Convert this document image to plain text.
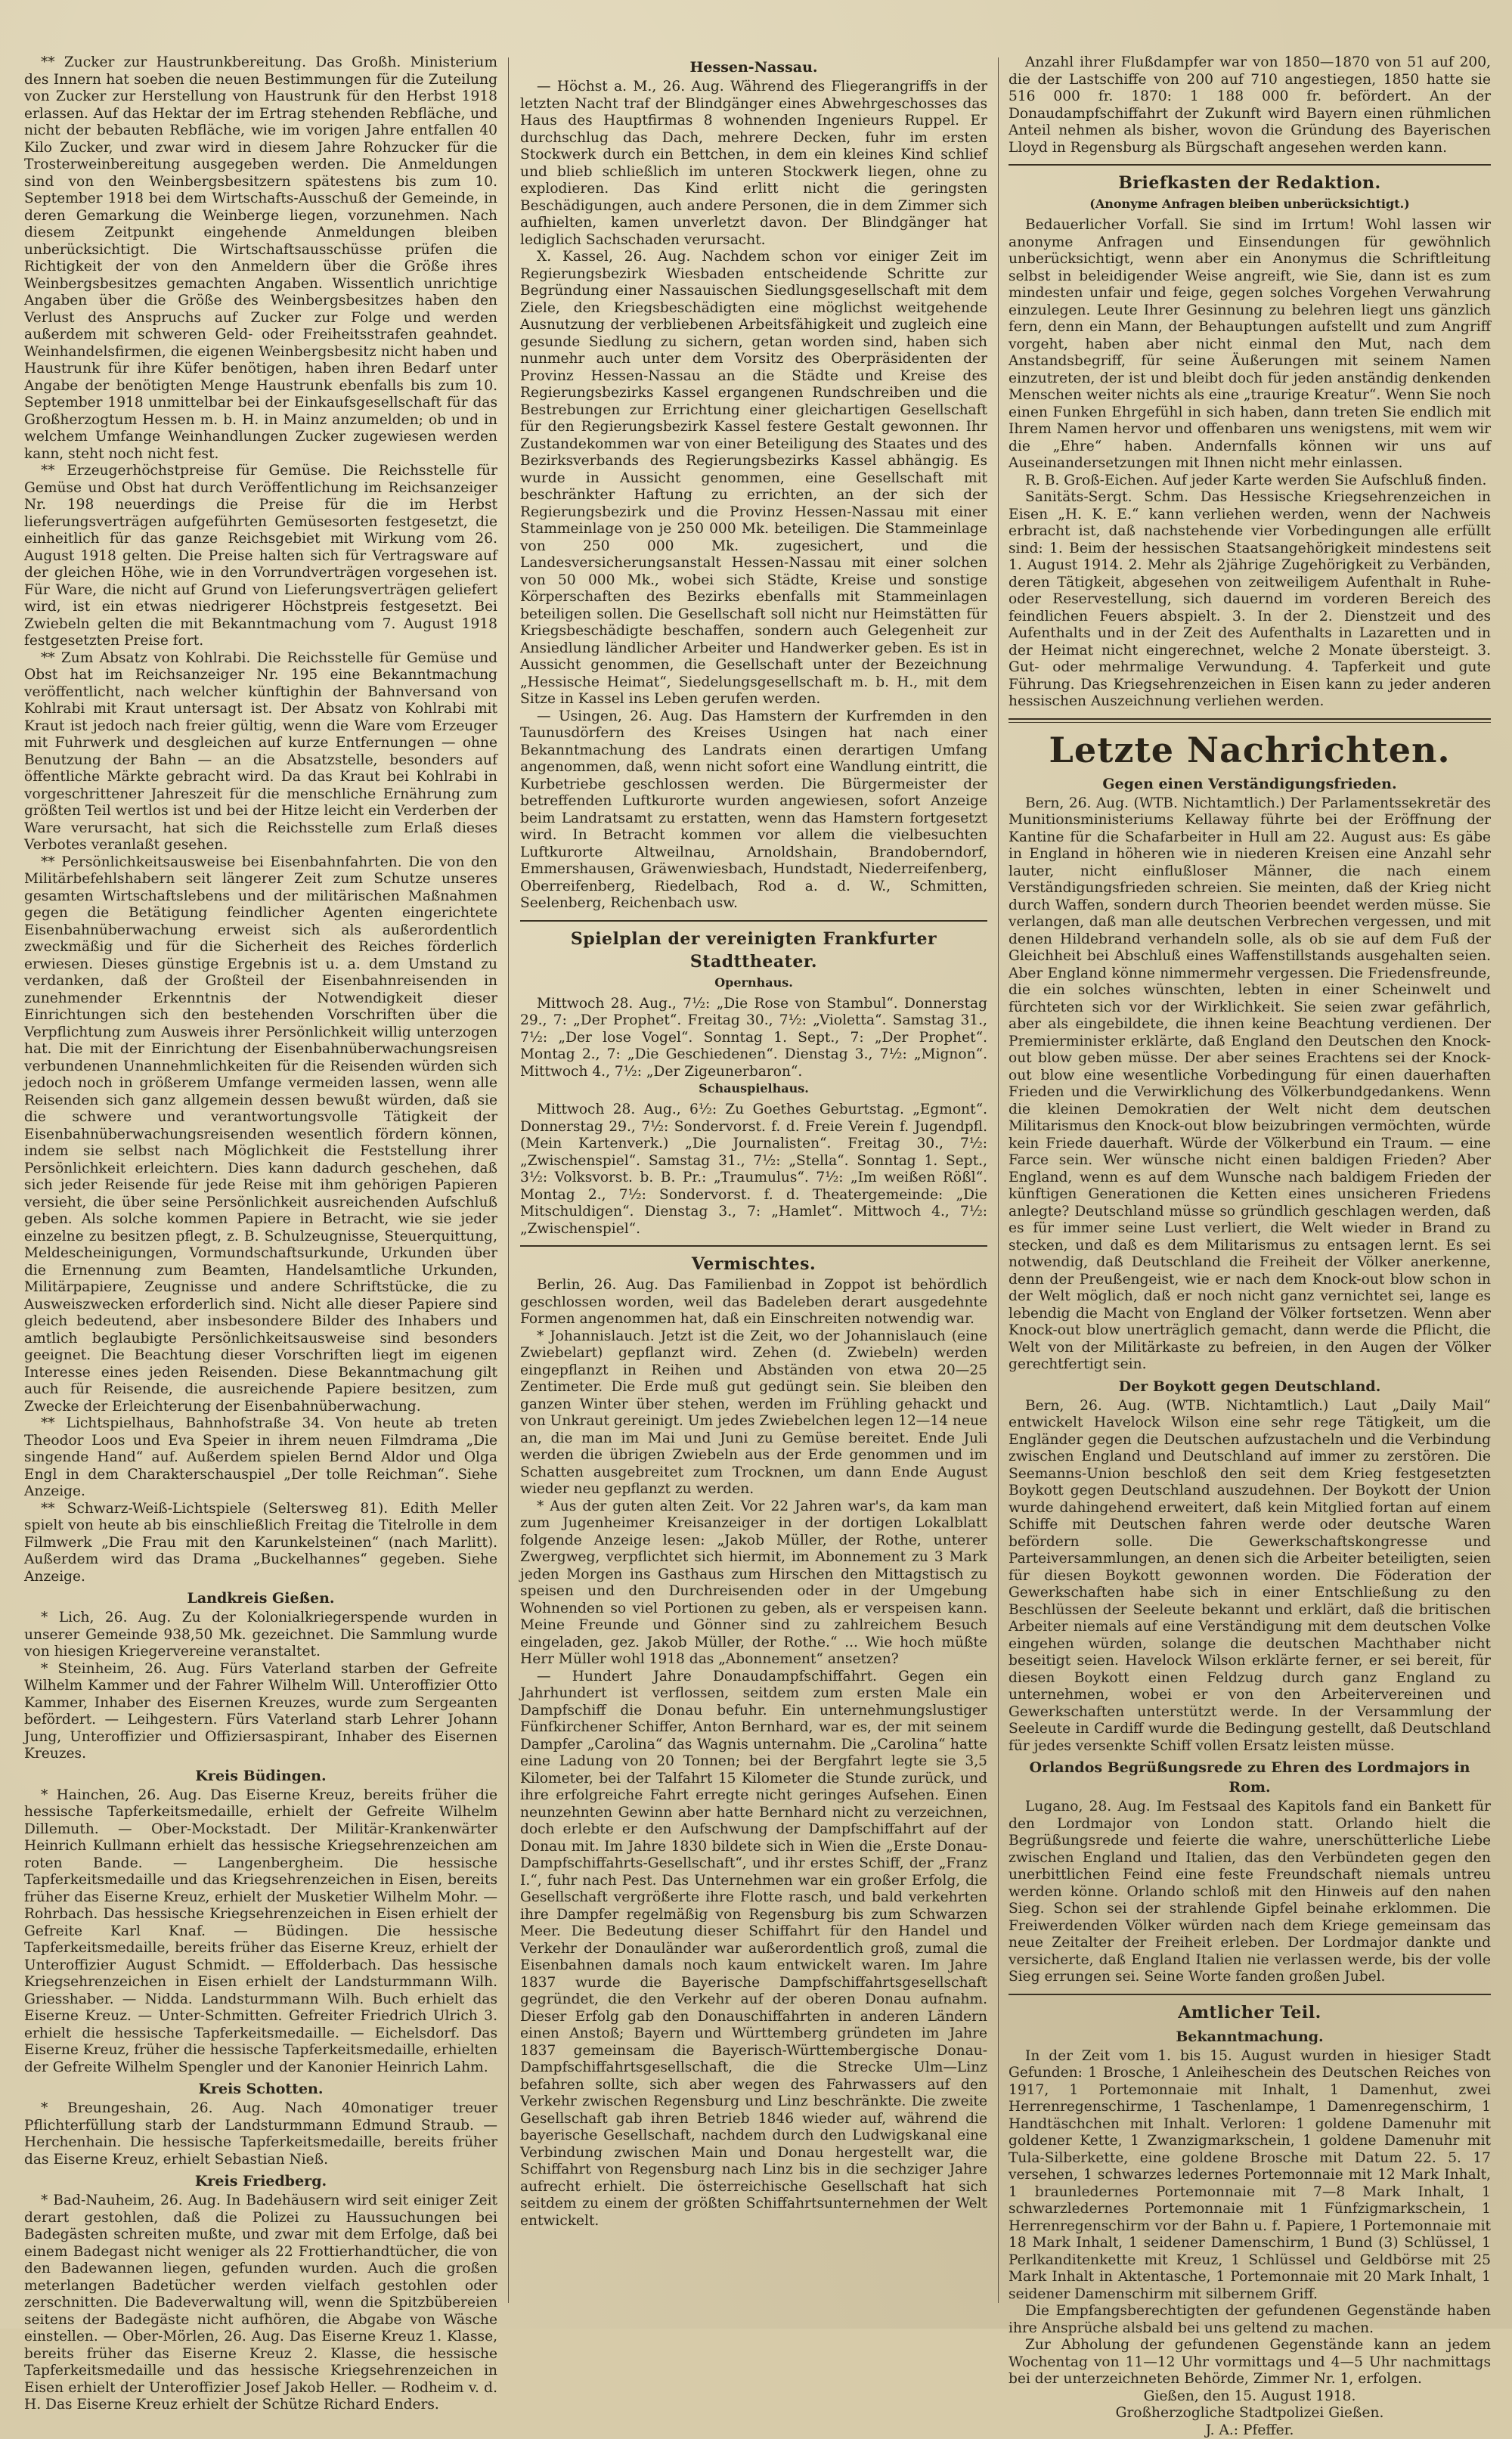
** Zucker zur Haustrunkbereitung. Das Großh. Ministerium des Innern hat soeben die neuen Bestimmungen für die Zuteilung von Zucker zur Herstellung von Haustrunk für den Herbst 1918 erlassen. Auf das Hektar der im Ertrag stehenden Rebfläche, und nicht der bebauten Rebfläche, wie im vorigen Jahre entfallen 40 Kilo Zucker, und zwar wird in diesem Jahre Rohzucker für die Trosterweinbereitung ausgegeben werden. Die Anmeldungen sind von den Weinbergsbesitzern spätestens bis zum 10. September 1918 bei dem Wirtschafts-Ausschuß der Gemeinde, in deren Gemarkung die Weinberge liegen, vorzunehmen. Nach diesem Zeitpunkt eingehende Anmeldungen bleiben unberücksichtigt. Die Wirtschaftsausschüsse prüfen die Richtigkeit der von den Anmeldern über die Größe ihres Weinbergsbesitzes gemachten Angaben. Wissentlich unrichtige Angaben über die Größe des Weinbergsbesitzes haben den Verlust des Anspruchs auf Zucker zur Folge und werden außerdem mit schweren Geld- oder Freiheitsstrafen geahndet. Weinhandelsfirmen, die eigenen Weinbergsbesitz nicht haben und Haustrunk für ihre Küfer benötigen, haben ihren Bedarf unter Angabe der benötigten Menge Haustrunk ebenfalls bis zum 10. September 1918 unmittelbar bei der Einkaufsgesellschaft für das Großherzogtum Hessen m. b. H. in Mainz anzumelden; ob und in welchem Umfange Weinhandlungen Zucker zugewiesen werden kann, steht noch nicht fest.

** Erzeugerhöchstpreise für Gemüse. Die Reichsstelle für Gemüse und Obst hat durch Veröffentlichung im Reichsanzeiger Nr. 198 neuerdings die Preise für die im Herbst lieferungsverträgen aufgeführten Gemüsesorten festgesetzt, die einheitlich für das ganze Reichsgebiet mit Wirkung vom 26. August 1918 gelten. Die Preise halten sich für Vertragsware auf der gleichen Höhe, wie in den Vorrundverträgen vorgesehen ist. Für Ware, die nicht auf Grund von Lieferungsverträgen geliefert wird, ist ein etwas niedrigerer Höchstpreis festgesetzt. Bei Zwiebeln gelten die mit Bekanntmachung vom 7. August 1918 festgesetzten Preise fort.

** Zum Absatz von Kohlrabi. Die Reichsstelle für Gemüse und Obst hat im Reichsanzeiger Nr. 195 eine Bekanntmachung veröffentlicht, nach welcher künftighin der Bahnversand von Kohlrabi mit Kraut untersagt ist. Der Absatz von Kohlrabi mit Kraut ist jedoch nach freier gültig, wenn die Ware vom Erzeuger mit Fuhrwerk und desgleichen auf kurze Entfernungen — ohne Benutzung der Bahn — an die Absatzstelle, besonders auf öffentliche Märkte gebracht wird. Da das Kraut bei Kohlrabi in vorgeschrittener Jahreszeit für die menschliche Ernährung zum größten Teil wertlos ist und bei der Hitze leicht ein Verderben der Ware verursacht, hat sich die Reichsstelle zum Erlaß dieses Verbotes veranlaßt gesehen.

** Persönlichkeitsausweise bei Eisenbahnfahrten. Die von den Militärbefehlshabern seit längerer Zeit zum Schutze unseres gesamten Wirtschaftslebens und der militärischen Maßnahmen gegen die Betätigung feindlicher Agenten eingerichtete Eisenbahnüberwachung erweist sich als außerordentlich zweckmäßig und für die Sicherheit des Reiches förderlich erwiesen. Dieses günstige Ergebnis ist u. a. dem Umstand zu verdanken, daß der Großteil der Eisenbahnreisenden in zunehmender Erkenntnis der Notwendigkeit dieser Einrichtungen sich den bestehenden Vorschriften über die Verpflichtung zum Ausweis ihrer Persönlichkeit willig unterzogen hat. Die mit der Einrichtung der Eisenbahnüberwachungsreisen verbundenen Unannehmlichkeiten für die Reisenden würden sich jedoch noch in größerem Umfange vermeiden lassen, wenn alle Reisenden sich ganz allgemein dessen bewußt würden, daß sie die schwere und verantwortungsvolle Tätigkeit der Eisenbahnüberwachungsreisenden wesentlich fördern können, indem sie selbst nach Möglichkeit die Feststellung ihrer Persönlichkeit erleichtern. Dies kann dadurch geschehen, daß sich jeder Reisende für jede Reise mit ihm gehörigen Papieren versieht, die über seine Persönlichkeit ausreichenden Aufschluß geben. Als solche kommen Papiere in Betracht, wie sie jeder einzelne zu besitzen pflegt, z. B. Schulzeugnisse, Steuerquittung, Meldescheinigungen, Vormundschaftsurkunde, Urkunden über die Ernennung zum Beamten, Handelsamtliche Urkunden, Militärpapiere, Zeugnisse und andere Schriftstücke, die zu Ausweiszwecken erforderlich sind. Nicht alle dieser Papiere sind gleich bedeutend, aber insbesondere Bilder des Inhabers und amtlich beglaubigte Persönlichkeitsausweise sind besonders geeignet. Die Beachtung dieser Vorschriften liegt im eigenen Interesse eines jeden Reisenden. Diese Bekanntmachung gilt auch für Reisende, die ausreichende Papiere besitzen, zum Zwecke der Erleichterung der Eisenbahnüberwachung.

** Lichtspielhaus, Bahnhofstraße 34. Von heute ab treten Theodor Loos und Eva Speier in ihrem neuen Filmdrama „Die singende Hand“ auf. Außerdem spielen Bernd Aldor und Olga Engl in dem Charakterschauspiel „Der tolle Reichman“. Siehe Anzeige.

** Schwarz-Weiß-Lichtspiele (Seltersweg 81). Edith Meller spielt von heute ab bis einschließlich Freitag die Titelrolle in dem Filmwerk „Die Frau mit den Karunkelsteinen“ (nach Marlitt). Außerdem wird das Drama „Buckelhannes“ gegeben. Siehe Anzeige.

Landkreis Gießen.

* Lich, 26. Aug. Zu der Kolonialkriegerspende wurden in unserer Gemeinde 938,50 Mk. gezeichnet. Die Sammlung wurde von hiesigen Kriegervereine veranstaltet.

* Steinheim, 26. Aug. Fürs Vaterland starben der Gefreite Wilhelm Kammer und der Fahrer Wilhelm Will. Unteroffizier Otto Kammer, Inhaber des Eisernen Kreuzes, wurde zum Sergeanten befördert. — Leihgestern. Fürs Vaterland starb Lehrer Johann Jung, Unteroffizier und Offiziersaspirant, Inhaber des Eisernen Kreuzes.

Kreis Büdingen.

* Hainchen, 26. Aug. Das Eiserne Kreuz, bereits früher die hessische Tapferkeitsmedaille, erhielt der Gefreite Wilhelm Dillemuth. — Ober-Mockstadt. Der Militär-Krankenwärter Heinrich Kullmann erhielt das hessische Kriegsehrenzeichen am roten Bande. — Langenbergheim. Die hessische Tapferkeitsmedaille und das Kriegsehrenzeichen in Eisen, bereits früher das Eiserne Kreuz, erhielt der Musketier Wilhelm Mohr. — Rohrbach. Das hessische Kriegsehrenzeichen in Eisen erhielt der Gefreite Karl Knaf. — Büdingen. Die hessische Tapferkeitsmedaille, bereits früher das Eiserne Kreuz, erhielt der Unteroffizier August Schmidt. — Effolderbach. Das hessische Kriegsehrenzeichen in Eisen erhielt der Landsturmmann Wilh. Griesshaber. — Nidda. Landsturmmann Wilh. Buch erhielt das Eiserne Kreuz. — Unter-Schmitten. Gefreiter Friedrich Ulrich 3. erhielt die hessische Tapferkeitsmedaille. — Eichelsdorf. Das Eiserne Kreuz, früher die hessische Tapferkeitsmedaille, erhielten der Gefreite Wilhelm Spengler und der Kanonier Heinrich Lahm.

Kreis Schotten.

* Breungeshain, 26. Aug. Nach 40monatiger treuer Pflichterfüllung starb der Landsturmmann Edmund Straub. — Herchenhain. Die hessische Tapferkeitsmedaille, bereits früher das Eiserne Kreuz, erhielt Sebastian Nieß.

Kreis Friedberg.

* Bad-Nauheim, 26. Aug. In Badehäusern wird seit einiger Zeit derart gestohlen, daß die Polizei zu Haussuchungen bei Badegästen schreiten mußte, und zwar mit dem Erfolge, daß bei einem Badegast nicht weniger als 22 Frottierhandtücher, die von den Badewannen liegen, gefunden wurden. Auch die großen meterlangen Badetücher werden vielfach gestohlen oder zerschnitten. Die Badeverwaltung will, wenn die Spitzbübereien seitens der Badegäste nicht aufhören, die Abgabe von Wäsche einstellen. — Ober-Mörlen, 26. Aug. Das Eiserne Kreuz 1. Klasse, bereits früher das Eiserne Kreuz 2. Klasse, die hessische Tapferkeitsmedaille und das hessische Kriegsehrenzeichen in Eisen erhielt der Unteroffizier Josef Jakob Heller. — Rodheim v. d. H. Das Eiserne Kreuz erhielt der Schütze Richard Enders.

Hessen-Nassau.

— Höchst a. M., 26. Aug. Während des Fliegerangriffs in der letzten Nacht traf der Blindgänger eines Abwehrgeschosses das Haus des Hauptfirmas 8 wohnenden Ingenieurs Ruppel. Er durchschlug das Dach, mehrere Decken, fuhr im ersten Stockwerk durch ein Bettchen, in dem ein kleines Kind schlief und blieb schließlich im unteren Stockwerk liegen, ohne zu explodieren. Das Kind erlitt nicht die geringsten Beschädigungen, auch andere Personen, die in dem Zimmer sich aufhielten, kamen unverletzt davon. Der Blindgänger hat lediglich Sachschaden verursacht.

X. Kassel, 26. Aug. Nachdem schon vor einiger Zeit im Regierungsbezirk Wiesbaden entscheidende Schritte zur Begründung einer Nassauischen Siedlungsgesellschaft mit dem Ziele, den Kriegsbeschädigten eine möglichst weitgehende Ausnutzung der verbliebenen Arbeitsfähigkeit und zugleich eine gesunde Siedlung zu sichern, getan worden sind, haben sich nunmehr auch unter dem Vorsitz des Oberpräsidenten der Provinz Hessen-Nassau an die Städte und Kreise des Regierungsbezirks Kassel ergangenen Rundschreiben und die Bestrebungen zur Errichtung einer gleichartigen Gesellschaft für den Regierungsbezirk Kassel festere Gestalt gewonnen. Ihr Zustandekommen war von einer Beteiligung des Staates und des Bezirksverbands des Regierungsbezirks Kassel abhängig. Es wurde in Aussicht genommen, eine Gesellschaft mit beschränkter Haftung zu errichten, an der sich der Regierungsbezirk und die Provinz Hessen-Nassau mit einer Stammeinlage von je 250 000 Mk. beteiligen. Die Stammeinlage von 250 000 Mk. zugesichert, und die Landesversicherungsanstalt Hessen-Nassau mit einer solchen von 50 000 Mk., wobei sich Städte, Kreise und sonstige Körperschaften des Bezirks ebenfalls mit Stammeinlagen beteiligen sollen. Die Gesellschaft soll nicht nur Heimstätten für Kriegsbeschädigte beschaffen, sondern auch Gelegenheit zur Ansiedlung ländlicher Arbeiter und Handwerker geben. Es ist in Aussicht genommen, die Gesellschaft unter der Bezeichnung „Hessische Heimat“, Siedelungsgesellschaft m. b. H., mit dem Sitze in Kassel ins Leben gerufen werden.

— Usingen, 26. Aug. Das Hamstern der Kurfremden in den Taunusdörfern des Kreises Usingen hat nach einer Bekanntmachung des Landrats einen derartigen Umfang angenommen, daß, wenn nicht sofort eine Wandlung eintritt, die Kurbetriebe geschlossen werden. Die Bürgermeister der betreffenden Luftkurorte wurden angewiesen, sofort Anzeige beim Landratsamt zu erstatten, wenn das Hamstern fortgesetzt wird. In Betracht kommen vor allem die vielbesuchten Luftkurorte Altweilnau, Arnoldshain, Brandoberndorf, Emmershausen, Gräwenwiesbach, Hundstadt, Niederreifenberg, Oberreifenberg, Riedelbach, Rod a. d. W., Schmitten, Seelenberg, Reichenbach usw.

Spielplan der vereinigten Frankfurter Stadttheater.
Opernhaus.

Mittwoch 28. Aug., 7½: „Die Rose von Stambul“. Donnerstag 29., 7: „Der Prophet“. Freitag 30., 7½: „Violetta“. Samstag 31., 7½: „Der lose Vogel“. Sonntag 1. Sept., 7: „Der Prophet“. Montag 2., 7: „Die Geschiedenen“. Dienstag 3., 7½: „Mignon“. Mittwoch 4., 7½: „Der Zigeunerbaron“.

Schauspielhaus.

Mittwoch 28. Aug., 6½: Zu Goethes Geburtstag. „Egmont“. Donnerstag 29., 7½: Sondervorst. f. d. Freie Verein f. Jugendpfl. (Mein Kartenverk.) „Die Journalisten“. Freitag 30., 7½: „Zwischenspiel“. Samstag 31., 7½: „Stella“. Sonntag 1. Sept., 3½: Volksvorst. b. B. Pr.: „Traumulus“. 7½: „Im weißen Rößl“. Montag 2., 7½: Sondervorst. f. d. Theatergemeinde: „Die Mitschuldigen“. Dienstag 3., 7: „Hamlet“. Mittwoch 4., 7½: „Zwischenspiel“.

Vermischtes.

Berlin, 26. Aug. Das Familienbad in Zoppot ist behördlich geschlossen worden, weil das Badeleben derart ausgedehnte Formen angenommen hat, daß ein Einschreiten notwendig war.

* Johannislauch. Jetzt ist die Zeit, wo der Johannislauch (eine Zwiebelart) gepflanzt wird. Zehen (d. Zwiebeln) werden eingepflanzt in Reihen und Abständen von etwa 20—25 Zentimeter. Die Erde muß gut gedüngt sein. Sie bleiben den ganzen Winter über stehen, werden im Frühling gehackt und von Unkraut gereinigt. Um jedes Zwiebelchen legen 12—14 neue an, die man im Mai und Juni zu Gemüse bereitet. Ende Juli werden die übrigen Zwiebeln aus der Erde genommen und im Schatten ausgebreitet zum Trocknen, um dann Ende August wieder neu gepflanzt zu werden.

* Aus der guten alten Zeit. Vor 22 Jahren war's, da kam man zum Jugenheimer Kreisanzeiger in der dortigen Lokalblatt folgende Anzeige lesen: „Jakob Müller, der Rothe, unterer Zwergweg, verpflichtet sich hiermit, im Abonnement zu 3 Mark jeden Morgen ins Gasthaus zum Hirschen den Mittagstisch zu speisen und den Durchreisenden oder in der Umgebung Wohnenden so viel Portionen zu geben, als er verspeisen kann. Meine Freunde und Gönner sind zu zahlreichem Besuch eingeladen, gez. Jakob Müller, der Rothe.“ ... Wie hoch müßte Herr Müller wohl 1918 das „Abonnement“ ansetzen?

— Hundert Jahre Donaudampfschiffahrt. Gegen ein Jahrhundert ist verflossen, seitdem zum ersten Male ein Dampfschiff die Donau befuhr. Ein unternehmungslustiger Fünfkirchener Schiffer, Anton Bernhard, war es, der mit seinem Dampfer „Carolina“ das Wagnis unternahm. Die „Carolina“ hatte eine Ladung von 20 Tonnen; bei der Bergfahrt legte sie 3,5 Kilometer, bei der Talfahrt 15 Kilometer die Stunde zurück, und ihre erfolgreiche Fahrt erregte nicht geringes Aufsehen. Einen neunzehnten Gewinn aber hatte Bernhard nicht zu verzeichnen, doch erlebte er den Aufschwung der Dampfschiffahrt auf der Donau mit. Im Jahre 1830 bildete sich in Wien die „Erste Donau-Dampfschiffahrts-Gesellschaft“, und ihr erstes Schiff, der „Franz I.“, fuhr nach Pest. Das Unternehmen war ein großer Erfolg, die Gesellschaft vergrößerte ihre Flotte rasch, und bald verkehrten ihre Dampfer regelmäßig von Regensburg bis zum Schwarzen Meer. Die Bedeutung dieser Schiffahrt für den Handel und Verkehr der Donauländer war außerordentlich groß, zumal die Eisenbahnen damals noch kaum entwickelt waren. Im Jahre 1837 wurde die Bayerische Dampfschiffahrtsgesellschaft gegründet, die den Verkehr auf der oberen Donau aufnahm. Dieser Erfolg gab den Donauschiffahrten in anderen Ländern einen Anstoß; Bayern und Württemberg gründeten im Jahre 1837 gemeinsam die Bayerisch-Württembergische Donau-Dampfschiffahrtsgesellschaft, die die Strecke Ulm—Linz befahren sollte, sich aber wegen des Fahrwassers auf den Verkehr zwischen Regensburg und Linz beschränkte. Die zweite Gesellschaft gab ihren Betrieb 1846 wieder auf, während die bayerische Gesellschaft, nachdem durch den Ludwigskanal eine Verbindung zwischen Main und Donau hergestellt war, die Schiffahrt von Regensburg nach Linz bis in die sechziger Jahre aufrecht erhielt. Die österreichische Gesellschaft hat sich seitdem zu einem der größten Schiffahrtsunternehmen der Welt entwickelt.

Anzahl ihrer Flußdampfer war von 1850—1870 von 51 auf 200, die der Lastschiffe von 200 auf 710 angestiegen, 1850 hatte sie 516 000 fr. 1870: 1 188 000 fr. befördert. An der Donaudampfschiffahrt der Zukunft wird Bayern einen rühmlichen Anteil nehmen als bisher, wovon die Gründung des Bayerischen Lloyd in Regensburg als Bürgschaft angesehen werden kann.

Briefkasten der Redaktion.
(Anonyme Anfragen bleiben unberücksichtigt.)

Bedauerlicher Vorfall. Sie sind im Irrtum! Wohl lassen wir anonyme Anfragen und Einsendungen für gewöhnlich unberücksichtigt, wenn aber ein Anonymus die Schriftleitung selbst in beleidigender Weise angreift, wie Sie, dann ist es zum mindesten unfair und feige, gegen solches Vorgehen Verwahrung einzulegen. Leute Ihrer Gesinnung zu belehren liegt uns gänzlich fern, denn ein Mann, der Behauptungen aufstellt und zum Angriff vorgeht, haben aber nicht einmal den Mut, nach dem Anstandsbegriff, für seine Äußerungen mit seinem Namen einzutreten, der ist und bleibt doch für jeden anständig denkenden Menschen weiter nichts als eine „traurige Kreatur“. Wenn Sie noch einen Funken Ehrgefühl in sich haben, dann treten Sie endlich mit Ihrem Namen hervor und offenbaren uns wenigstens, mit wem wir die „Ehre“ haben. Andernfalls können wir uns auf Auseinandersetzungen mit Ihnen nicht mehr einlassen.

R. B. Groß-Eichen. Auf jeder Karte werden Sie Aufschluß finden.

Sanitäts-Sergt. Schm. Das Hessische Kriegsehrenzeichen in Eisen „H. K. E.“ kann verliehen werden, wenn der Nachweis erbracht ist, daß nachstehende vier Vorbedingungen alle erfüllt sind: 1. Beim der hessischen Staatsangehörigkeit mindestens seit 1. August 1914. 2. Mehr als 2jährige Zugehörigkeit zu Verbänden, deren Tätigkeit, abgesehen von zeitweiligem Aufenthalt in Ruhe- oder Reservestellung, sich dauernd im vorderen Bereich des feindlichen Feuers abspielt. 3. In der 2. Dienstzeit und des Aufenthalts und in der Zeit des Aufenthalts in Lazaretten und in der Heimat nicht eingerechnet, welche 2 Monate übersteigt. 3. Gut- oder mehrmalige Verwundung. 4. Tapferkeit und gute Führung. Das Kriegsehrenzeichen in Eisen kann zu jeder anderen hessischen Auszeichnung verliehen werden.

Letzte Nachrichten.
Gegen einen Verständigungsfrieden.

Bern, 26. Aug. (WTB. Nichtamtlich.) Der Parlamentssekretär des Munitionsministeriums Kellaway führte bei der Eröffnung der Kantine für die Schafarbeiter in Hull am 22. August aus: Es gäbe in England in höheren wie in niederen Kreisen eine Anzahl sehr lauter, nicht einflußloser Männer, die nach einem Verständigungsfrieden schreien. Sie meinten, daß der Krieg nicht durch Waffen, sondern durch Theorien beendet werden müsse. Sie verlangen, daß man alle deutschen Verbrechen vergessen, und mit denen Hildebrand verhandeln solle, als ob sie auf dem Fuß der Gleichheit bei Abschluß eines Waffenstillstands ausgehalten seien. Aber England könne nimmermehr vergessen. Die Friedensfreunde, die ein solches wünschten, lebten in einer Scheinwelt und fürchteten sich vor der Wirklichkeit. Sie seien zwar gefährlich, aber als eingebildete, die ihnen keine Beachtung verdienen. Der Premierminister erklärte, daß England den Deutschen den Knock-out blow geben müsse. Der aber seines Erachtens sei der Knock-out blow eine wesentliche Vorbedingung für einen dauerhaften Frieden und die Verwirklichung des Völkerbundgedankens. Wenn die kleinen Demokratien der Welt nicht dem deutschen Militarismus den Knock-out blow beizubringen vermöchten, würde kein Friede dauerhaft. Würde der Völkerbund ein Traum. — eine Farce sein. Wer wünsche nicht einen baldigen Frieden? Aber England, wenn es auf dem Wunsche nach baldigem Frieden der künftigen Generationen die Ketten eines unsicheren Friedens anlegte? Deutschland müsse so gründlich geschlagen werden, daß es für immer seine Lust verliert, die Welt wieder in Brand zu stecken, und daß es dem Militarismus zu entsagen lernt. Es sei notwendig, daß Deutschland die Freiheit der Völker anerkenne, denn der Preußengeist, wie er nach dem Knock-out blow schon in der Welt möglich, daß er noch nicht ganz vernichtet sei, lange es lebendig die Macht von England der Völker fortsetzen. Wenn aber Knock-out blow unerträglich gemacht, dann werde die Pflicht, die Welt von der Militärkaste zu befreien, in den Augen der Völker gerechtfertigt sein.

Der Boykott gegen Deutschland.

Bern, 26. Aug. (WTB. Nichtamtlich.) Laut „Daily Mail“ entwickelt Havelock Wilson eine sehr rege Tätigkeit, um die Engländer gegen die Deutschen aufzustacheln und die Verbindung zwischen England und Deutschland auf immer zu zerstören. Die Seemanns-Union beschloß den seit dem Krieg festgesetzten Boykott gegen Deutschland auszudehnen. Der Boykott der Union wurde dahingehend erweitert, daß kein Mitglied fortan auf einem Schiffe mit Deutschen fahren werde oder deutsche Waren befördern solle. Die Gewerkschaftskongresse und Parteiversammlungen, an denen sich die Arbeiter beteiligten, seien für diesen Boykott gewonnen worden. Die Föderation der Gewerkschaften habe sich in einer Entschließung zu den Beschlüssen der Seeleute bekannt und erklärt, daß die britischen Arbeiter niemals auf eine Verständigung mit dem deutschen Volke eingehen würden, solange die deutschen Machthaber nicht beseitigt seien. Havelock Wilson erklärte ferner, er sei bereit, für diesen Boykott einen Feldzug durch ganz England zu unternehmen, wobei er von den Arbeitervereinen und Gewerkschaften unterstützt werde. In der Versammlung der Seeleute in Cardiff wurde die Bedingung gestellt, daß Deutschland für jedes versenkte Schiff vollen Ersatz leisten müsse.

Orlandos Begrüßungsrede zu Ehren des Lordmajors in Rom.

Lugano, 28. Aug. Im Festsaal des Kapitols fand ein Bankett für den Lordmajor von London statt. Orlando hielt die Begrüßungsrede und feierte die wahre, unerschütterliche Liebe zwischen England und Italien, das den Verbündeten gegen den unerbittlichen Feind eine feste Freundschaft niemals untreu werden könne. Orlando schloß mit den Hinweis auf den nahen Sieg. Schon sei der strahlende Gipfel beinahe erklommen. Die Freiwerdenden Völker würden nach dem Kriege gemeinsam das neue Zeitalter der Freiheit erleben. Der Lordmajor dankte und versicherte, daß England Italien nie verlassen werde, bis der volle Sieg errungen sei. Seine Worte fanden großen Jubel.

Amtlicher Teil.
Bekanntmachung.

In der Zeit vom 1. bis 15. August wurden in hiesiger Stadt Gefunden: 1 Brosche, 1 Anleiheschein des Deutschen Reiches von 1917, 1 Portemonnaie mit Inhalt, 1 Damenhut, zwei Herrenregenschirme, 1 Taschenlampe, 1 Damenregenschirm, 1 Handtäschchen mit Inhalt. Verloren: 1 goldene Damenuhr mit goldener Kette, 1 Zwanzigmarkschein, 1 goldene Damenuhr mit Tula-Silberkette, eine goldene Brosche mit Datum 22. 5. 17 versehen, 1 schwarzes ledernes Portemonnaie mit 12 Mark Inhalt, 1 braunledernes Portemonnaie mit 7—8 Mark Inhalt, 1 schwarzledernes Portemonnaie mit 1 Fünfzigmarkschein, 1 Herrenregenschirm vor der Bahn u. f. Papiere, 1 Portemonnaie mit 18 Mark Inhalt, 1 seidener Damenschirm, 1 Bund (3) Schlüssel, 1 Perlkanditenkette mit Kreuz, 1 Schlüssel und Geldbörse mit 25 Mark Inhalt in Aktentasche, 1 Portemonnaie mit 20 Mark Inhalt, 1 seidener Damenschirm mit silbernem Griff.

Die Empfangsberechtigten der gefundenen Gegenstände haben ihre Ansprüche alsbald bei uns geltend zu machen.

Zur Abholung der gefundenen Gegenstände kann an jedem Wochentag von 11—12 Uhr vormittags und 4—5 Uhr nachmittags bei der unterzeichneten Behörde, Zimmer Nr. 1, erfolgen.

Gießen, den 15. August 1918.

Großherzogliche Stadtpolizei Gießen.

J. A.: Pfeffer.
